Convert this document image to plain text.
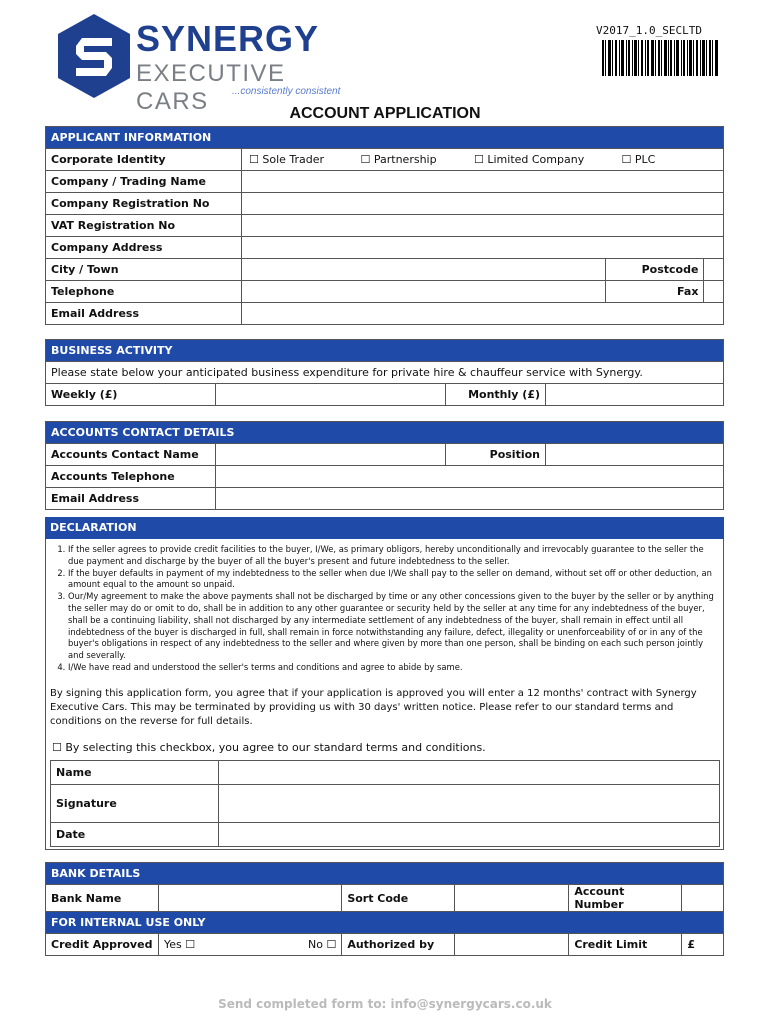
SYNERGY
EXECUTIVE CARS	...consistently consistent
V2017_1.0_SECLTD
ACCOUNT APPLICATION
APPLICANT INFORMATION			
Corporate Identity	☐ Sole Trader ☐ Partnership ☐ Limited Company ☐ PLC		
Company / Trading Name			
Company Registration No			
VAT Registration No			
Company Address			
City / Town		Postcode	
Telephone		Fax	
Email Address			
BUSINESS ACTIVITY
Please state below your anticipated business expenditure for private hire & chauffeur service with Synergy.
Weekly (£)		Monthly (£)	
ACCOUNTS CONTACT DETAILS			
Accounts Contact Name		Position	
Accounts Telephone			
Email Address			
DECLARATION
1. If the seller agrees to provide credit facilities to the buyer, I/We, as primary obligors, hereby unconditionally and irrevocably guarantee to the seller the due payment and discharge by the buyer of all the buyer's present and future indebtedness to the seller.
2. If the buyer defaults in payment of my indebtedness to the seller when due I/We shall pay to the seller on demand, without set off or other deduction, an amount equal to the amount so unpaid.
3. Our/My agreement to make the above payments shall not be discharged by time or any other concessions given to the buyer by the seller or by anything the seller may do or omit to do, shall be in addition to any other guarantee or security held by the seller at any time for any indebtedness of the buyer, shall be a continuing liability, shall not discharged by any intermediate settlement of any indebtedness of the buyer, shall remain in effect until all indebtedness of the buyer is discharged in full, shall remain in force notwithstanding any failure, defect, illegality or unenforceability of or in any of the buyer's obligations in respect of any indebtedness to the seller and where given by more than one person, shall be binding on each such person jointly and severally.
4. I/We have read and understood the seller's terms and conditions and agree to abide by same.
By signing this application form, you agree that if your application is approved you will enter a 12 months' contract with Synergy Executive Cars. This may be terminated by providing us with 30 days' written notice. Please refer to our standard terms and conditions on the reverse for full details.
☐ By selecting this checkbox, you agree to our standard terms and conditions.
Name	
Signature	
Date	
BANK DETAILS						
Bank Name			Sort Code		Account Number	
FOR INTERNAL USE ONLY						
Credit Approved	Yes ☐	No ☐	Authorized by		Credit Limit	£
Send completed form to: info@synergycars.co.uk
